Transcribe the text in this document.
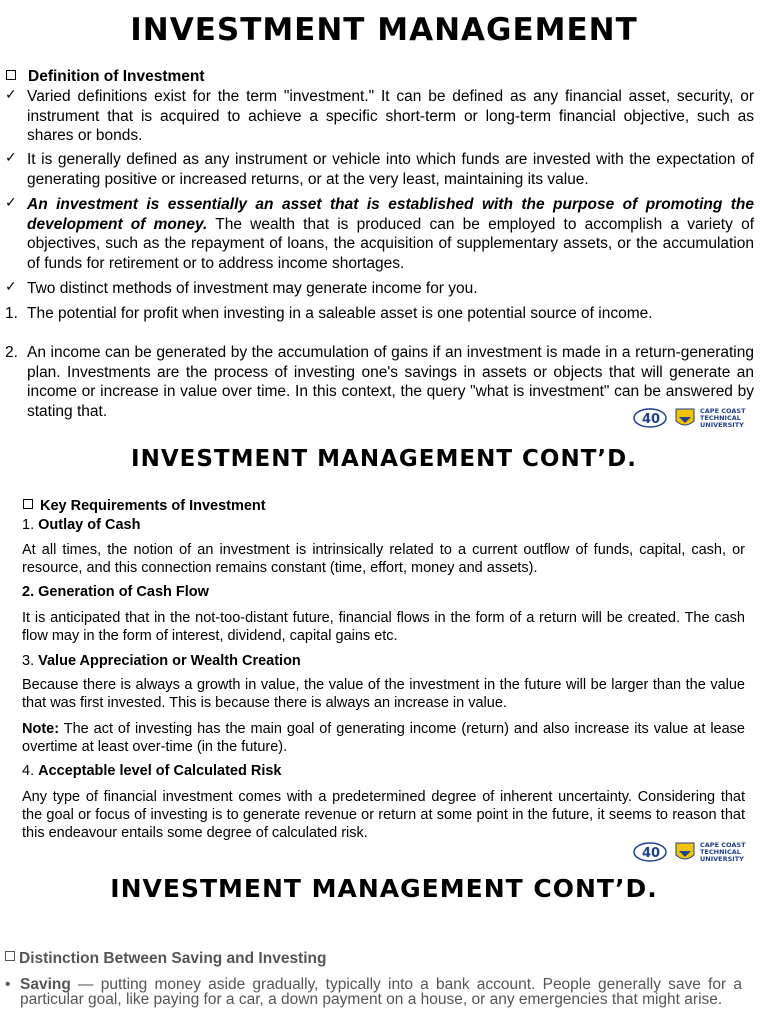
INVESTMENT MANAGEMENT
Definition of Investment
✓ Varied definitions exist for the term "investment." It can be defined as any financial asset, security, or instrument that is acquired to achieve a specific short-term or long-term financial objective, such as shares or bonds.
✓ It is generally defined as any instrument or vehicle into which funds are invested with the expectation of generating positive or increased returns, or at the very least, maintaining its value.
✓ An investment is essentially an asset that is established with the purpose of promoting the development of money. The wealth that is produced can be employed to accomplish a variety of objectives, such as the repayment of loans, the acquisition of supplementary assets, or the accumulation of funds for retirement or to address income shortages.
✓ Two distinct methods of investment may generate income for you.
1. The potential for profit when investing in a saleable asset is one potential source of income.
2. An income can be generated by the accumulation of gains if an investment is made in a return-generating plan. Investments are the process of investing one's savings in assets or objects that will generate an income or increase in value over time. In this context, the query "what is investment" can be answered by stating that.	40
CAPE COAST
TECHNICAL
UNIVERSITY
INVESTMENT MANAGEMENT CONT’D.
Key Requirements of Investment
1. Outlay of Cash
At all times, the notion of an investment is intrinsically related to a current outflow of funds, capital, cash, or resource, and this connection remains constant (time, effort, money and assets).
2. Generation of Cash Flow
It is anticipated that in the not-too-distant future, financial flows in the form of a return will be created. The cash flow may in the form of interest, dividend, capital gains etc.
3. Value Appreciation or Wealth Creation
Because there is always a growth in value, the value of the investment in the future will be larger than the value that was first invested. This is because there is always an increase in value.
Note: The act of investing has the main goal of generating income (return) and also increase its value at lease overtime at least over-time (in the future).
4. Acceptable level of Calculated Risk
Any type of financial investment comes with a predetermined degree of inherent uncertainty. Considering that the goal or focus of investing is to generate revenue or return at some point in the future, it seems to reason that this endeavour entails some degree of calculated risk.
40
CAPE COAST
TECHNICAL
UNIVERSITY
INVESTMENT MANAGEMENT CONT’D.
Distinction Between Saving and Investing
• Saving — putting money aside gradually, typically into a bank account. People generally save for a particular goal, like paying for a car, a down payment on a house, or any emergencies that might arise.
